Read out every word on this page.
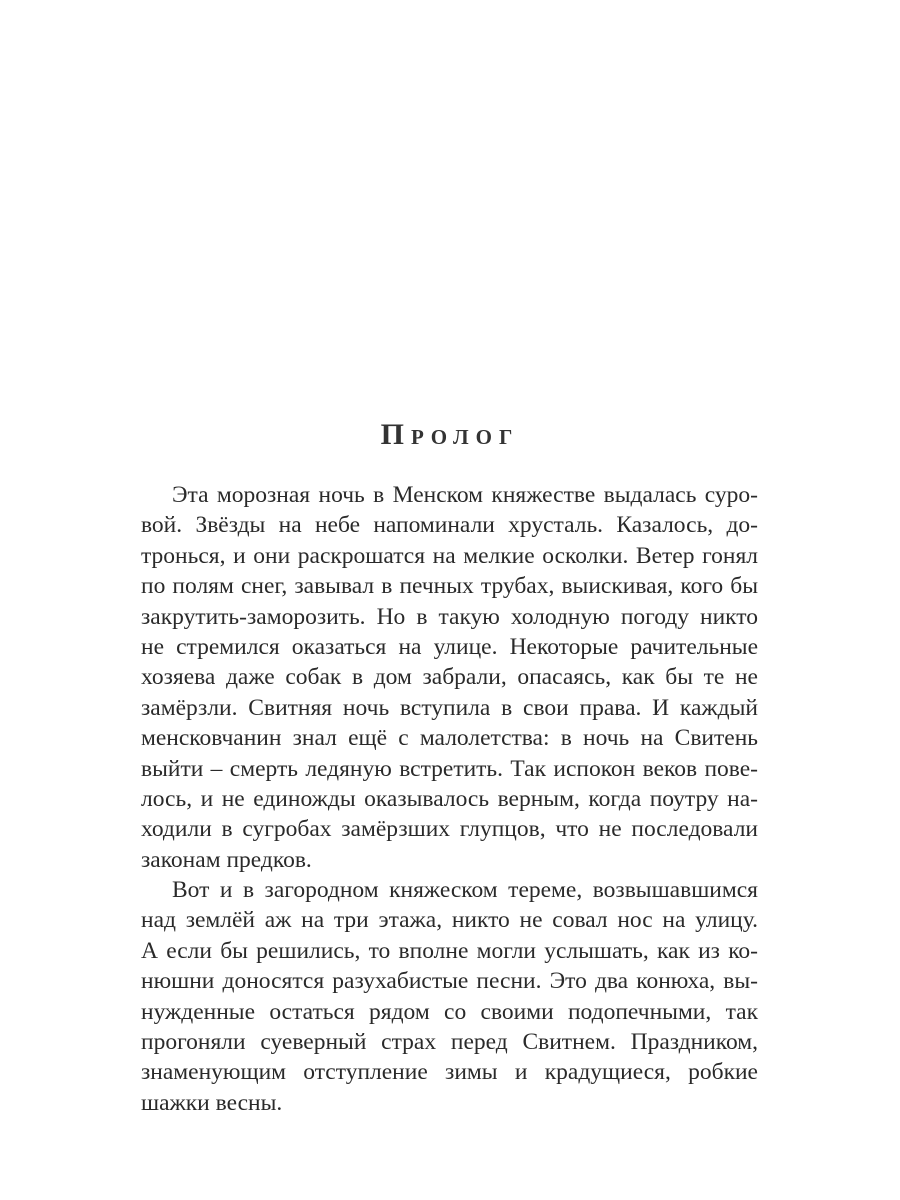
Пролог
Эта морозная ночь в Менском княжестве выдалась суро-
вой. Звёзды на небе напоминали хрусталь. Казалось, до-
тронься, и они раскрошатся на мелкие осколки. Ветер гонял
по полям снег, завывал в печных трубах, выискивая, кого бы
закрутить-заморозить. Но в такую холодную погоду никто
не стремился оказаться на улице. Некоторые рачительные
хозяева даже собак в дом забрали, опасаясь, как бы те не
замёрзли. Свитняя ночь вступила в свои права. И каждый
менсковчанин знал ещё с малолетства: в ночь на Свитень
выйти – смерть ледяную встретить. Так испокон веков пове-
лось, и не единожды оказывалось верным, когда поутру на-
ходили в сугробах замёрзших глупцов, что не последовали
законам предков.
Вот и в загородном княжеском тереме, возвышавшимся
над землёй аж на три этажа, никто не совал нос на улицу.
А если бы решились, то вполне могли услышать, как из ко-
нюшни доносятся разухабистые песни. Это два конюха, вы-
нужденные остаться рядом со своими подопечными, так
прогоняли суеверный страх перед Свитнем. Праздником,
знаменующим отступление зимы и крадущиеся, робкие
шажки весны.
